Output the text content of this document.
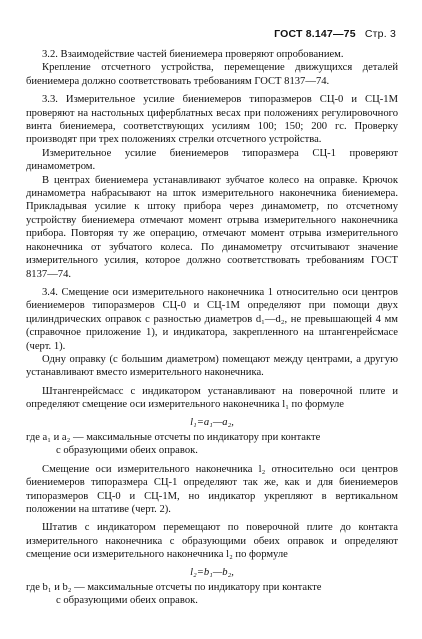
ГОСТ 8.147—75 Стр. 3

3.2. Взаимодействие частей биениемера проверяют опробованием.

Крепление отсчетного устройства, перемещение движущихся деталей биениемера должно соответствовать требованиям ГОСТ 8137—74.

3.3. Измерительное усилие биениемеров типоразмеров СЦ-0 и СЦ-1М проверяют на настольных циферблатных весах при положениях регулировочного винта биениемера, соответствующих усилиям 100; 150; 200 гс. Проверку производят при трех положениях стрелки отсчетного устройства.

Измерительное усилие биениемеров типоразмера СЦ-1 проверяют динамометром.

В центрах биениемера устанавливают зубчатое колесо на оправке. Крючок динамометра набрасывают на шток измерительного наконечника биениемера. Прикладывая усилие к штоку прибора через динамометр, по отсчетному устройству биениемера отмечают момент отрыва измерительного наконечника прибора. Повторяя ту же операцию, отмечают момент отрыва измерительного наконечника от зубчатого колеса. По динамометру отсчитывают значение измерительного усилия, которое должно соответствовать требованиям ГОСТ 8137—74.

3.4. Смещение оси измерительного наконечника 1 относительно оси центров биениемеров типоразмеров СЦ-0 и СЦ-1М определяют при помощи двух цилиндрических оправок с разностью диаметров d₁—d₂, не превышающей 4 мм (справочное приложение 1), и индикатора, закрепленного на штангенрейсмасе (черт. 1).

Одну оправку (с большим диаметром) помещают между центрами, а другую устанавливают вместо измерительного наконечника.

Штангенрейсмасс с индикатором устанавливают на поверочной плите и определяют смещение оси измерительного наконечника l₁ по формуле

l₁=a₁—a₂,

где a₁ и a₂ — максимальные отсчеты по индикатору при контакте

с образующими обеих оправок.

Смещение оси измерительного наконечника l₂ относительно оси центров биениемеров типоразмера СЦ-1 определяют так же, как и для биениемеров типоразмеров СЦ-0 и СЦ-1М, но индикатор укрепляют в вертикальном положении на штативе (черт. 2).

Штатив с индикатором перемещают по поверочной плите до контакта измерительного наконечника с образующими обеих оправок и определяют смещение оси измерительного наконечника l₂ по формуле

l₂=b₁—b₂,

где b₁ и b₂ — максимальные отсчеты по индикатору при контакте

с образующими обеих оправок.
